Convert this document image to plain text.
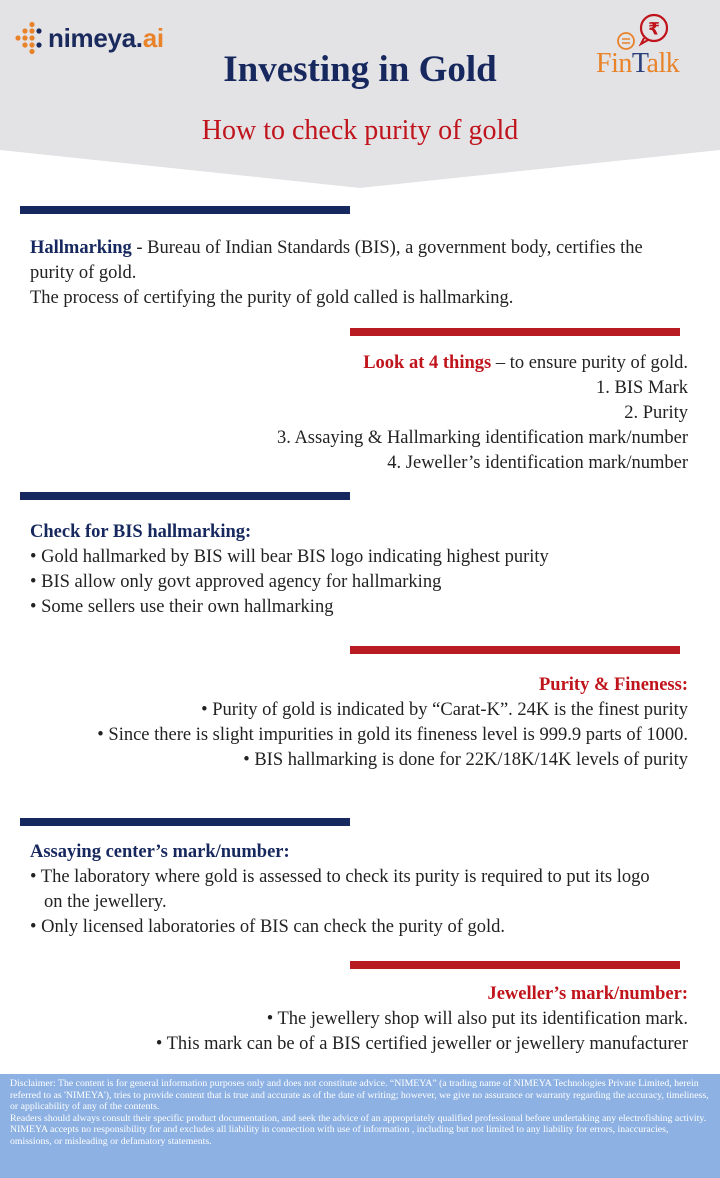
nimeya.ai	₹
FinTalk
Investing in Gold
How to check purity of gold

Hallmarking - Bureau of Indian Standards (BIS), a government body, certifies the purity of gold.

The process of certifying the purity of gold called is hallmarking.

Look at 4 things – to ensure purity of gold.

1. BIS Mark

2. Purity

3. Assaying & Hallmarking identification mark/number

4. Jeweller’s identification mark/number

Check for BIS hallmarking:

• Gold hallmarked by BIS will bear BIS logo indicating highest purity

• BIS allow only govt approved agency for hallmarking

• Some sellers use their own hallmarking

Purity & Fineness:

• Purity of gold is indicated by “Carat-K”. 24K is the finest purity

• Since there is slight impurities in gold its fineness level is 999.9 parts of 1000.

• BIS hallmarking is done for 22K/18K/14K levels of purity

Assaying center’s mark/number:

• The laboratory where gold is assessed to check its purity is required to put its logo on the jewellery.

• Only licensed laboratories of BIS can check the purity of gold.

Jeweller’s mark/number:

• The jewellery shop will also put its identification mark.

• This mark can be of a BIS certified jeweller or jewellery manufacturer

Disclaimer: The content is for general information purposes only and does not constitute advice. “NIMEYA” (a trading name of NIMEYA Technologies Private Limited, herein referred to as 'NIMEYA'), tries to provide content that is true and accurate as of the date of writing; however, we give no assurance or warranty regarding the accuracy, timeliness, or applicability of any of the contents.

Readers should always consult their specific product documentation, and seek the advice of an appropriately qualified professional before undertaking any electrofishing activity.

NIMEYA accepts no responsibility for and excludes all liability in connection with use of information , including but not limited to any liability for errors, inaccuracies, omissions, or misleading or defamatory statements.
